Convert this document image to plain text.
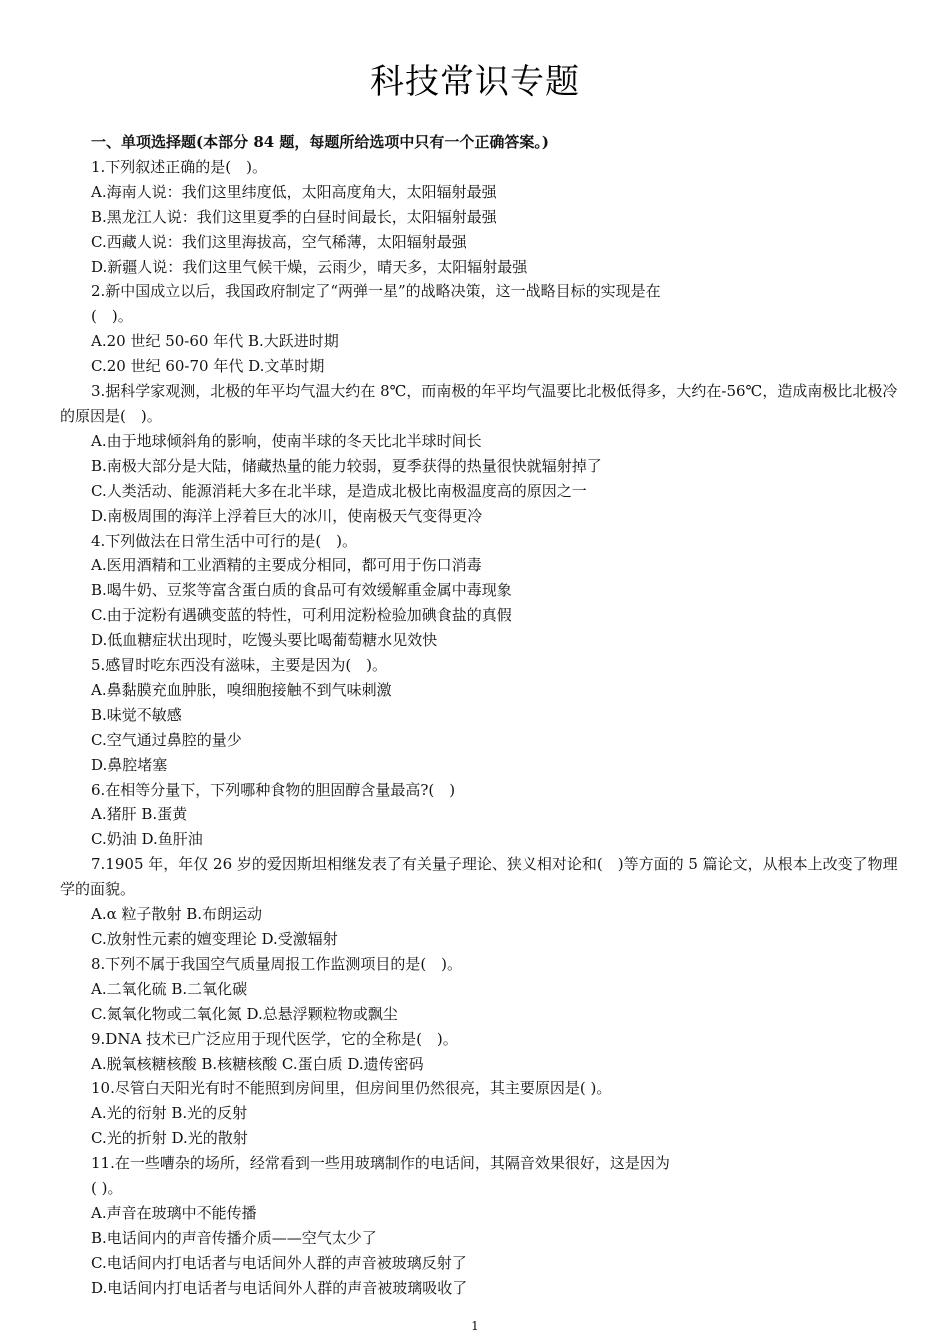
科技常识专题
一、单项选择题(本部分 84 题，每题所给选项中只有一个正确答案。)
1.下列叙述正确的是(　)。
A.海南人说：我们这里纬度低，太阳高度角大，太阳辐射最强
B.黑龙江人说：我们这里夏季的白昼时间最长，太阳辐射最强
C.西藏人说：我们这里海拔高，空气稀薄，太阳辐射最强
D.新疆人说：我们这里气候干燥，云雨少，晴天多，太阳辐射最强
2.新中国成立以后，我国政府制定了“两弹一星”的战略决策，这一战略目标的实现是在
(　)。
A.20 世纪 50-60 年代 B.大跃进时期
C.20 世纪 60-70 年代 D.文革时期
3.据科学家观测，北极的年平均气温大约在 8℃，而南极的年平均气温要比北极低得多，大约在-56℃，造成南极比北极冷的原因是(　)。
A.由于地球倾斜角的影响，使南半球的冬天比北半球时间长
B.南极大部分是大陆，储藏热量的能力较弱，夏季获得的热量很快就辐射掉了
C.人类活动、能源消耗大多在北半球，是造成北极比南极温度高的原因之一
D.南极周围的海洋上浮着巨大的冰川，使南极天气变得更冷
4.下列做法在日常生活中可行的是(　)。
A.医用酒精和工业酒精的主要成分相同，都可用于伤口消毒
B.喝牛奶、豆浆等富含蛋白质的食品可有效缓解重金属中毒现象
C.由于淀粉有遇碘变蓝的特性，可利用淀粉检验加碘食盐的真假
D.低血糖症状出现时，吃馒头要比喝葡萄糖水见效快
5.感冒时吃东西没有滋味，主要是因为(　)。
A.鼻黏膜充血肿胀，嗅细胞接触不到气味刺激
B.味觉不敏感
C.空气通过鼻腔的量少
D.鼻腔堵塞
6.在相等分量下，下列哪种食物的胆固醇含量最高?(　)
A.猪肝 B.蛋黄
C.奶油 D.鱼肝油
7.1905 年，年仅 26 岁的爱因斯坦相继发表了有关量子理论、狭义相对论和(　)等方面的 5 篇论文，从根本上改变了物理学的面貌。
A.α 粒子散射 B.布朗运动
C.放射性元素的嬗变理论 D.受激辐射
8.下列不属于我国空气质量周报工作监测项目的是(　)。
A.二氧化硫 B.二氧化碳
C.氮氧化物或二氧化氮 D.总悬浮颗粒物或飘尘
9.DNA 技术已广泛应用于现代医学，它的全称是(　)。
A.脱氧核糖核酸 B.核糖核酸 C.蛋白质 D.遗传密码
10.尽管白天阳光有时不能照到房间里，但房间里仍然很亮，其主要原因是( )。
A.光的衍射 B.光的反射
C.光的折射 D.光的散射
11.在一些嘈杂的场所，经常看到一些用玻璃制作的电话间，其隔音效果很好，这是因为
( )。
A.声音在玻璃中不能传播
B.电话间内的声音传播介质——空气太少了
C.电话间内打电话者与电话间外人群的声音被玻璃反射了
D.电话间内打电话者与电话间外人群的声音被玻璃吸收了
1
